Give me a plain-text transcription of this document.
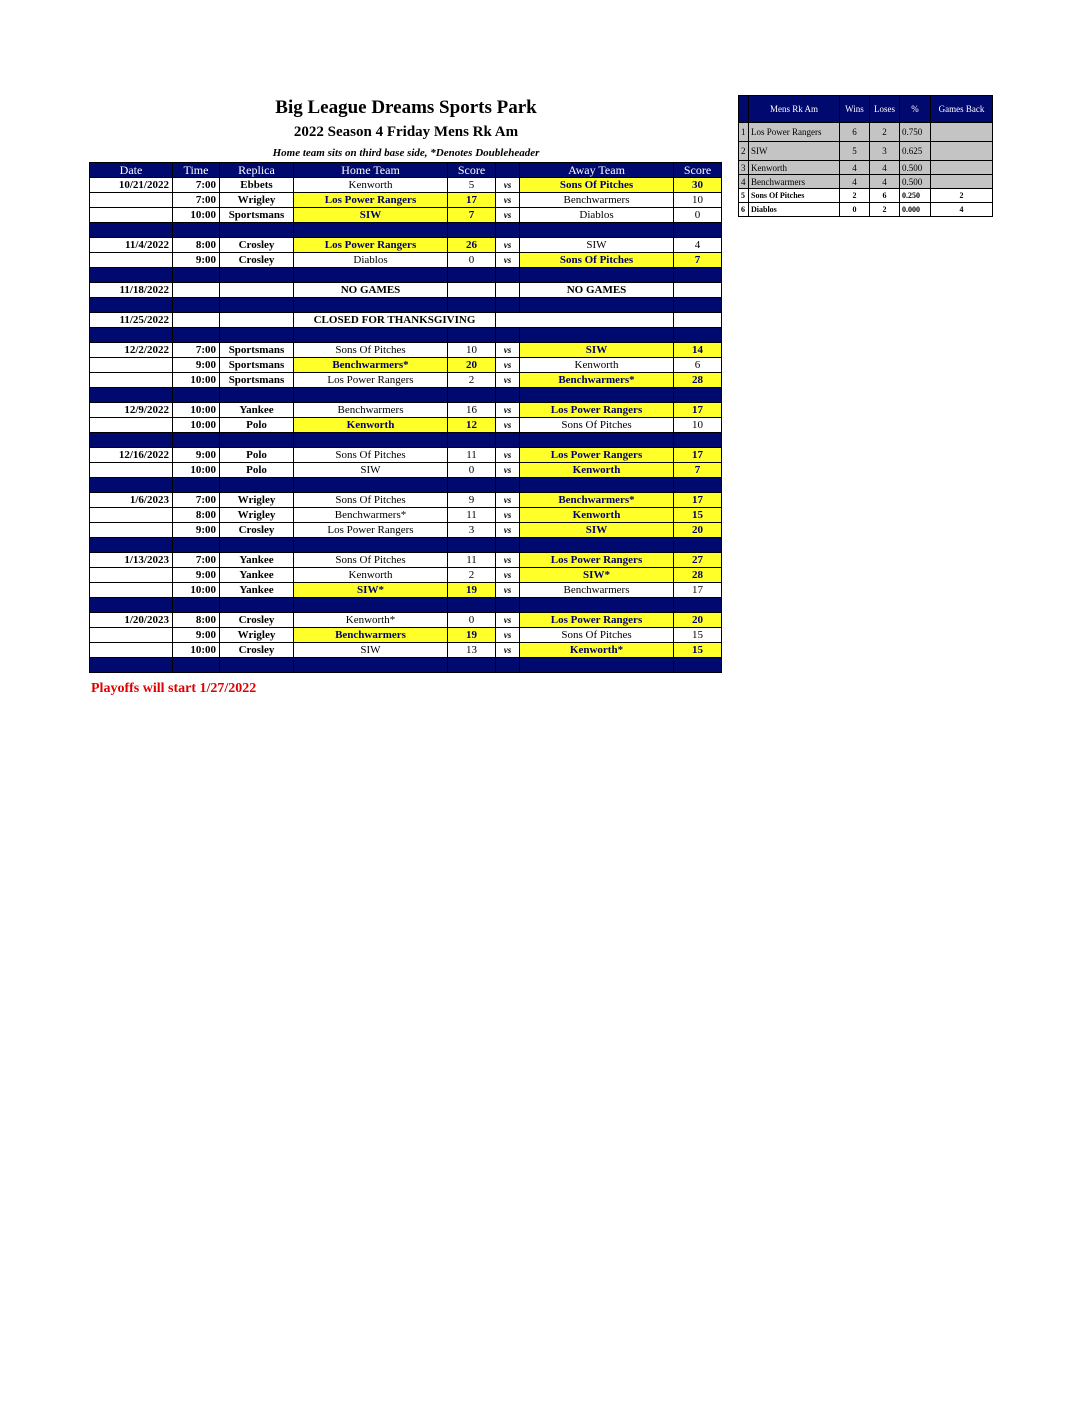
Big League Dreams Sports Park
2022 Season 4 Friday Mens Rk Am
Home team sits on third base side, *Denotes Doubleheader
Date	Time	Replica	Home Team	Score		Away Team	Score
10/21/2022	7:00	Ebbets	Kenworth	5	vs	Sons Of Pitches	30
	7:00	Wrigley	Los Power Rangers	17	vs	Benchwarmers	10
	10:00	Sportsmans	SIW	7	vs	Diablos	0

11/4/2022	8:00	Crosley	Los Power Rangers	26	vs	SIW	4
	9:00	Crosley	Diablos	0	vs	Sons Of Pitches	7

11/18/2022			NO GAMES			NO GAMES	

11/25/2022			CLOSED FOR THANKSGIVING				

12/2/2022	7:00	Sportsmans	Sons Of Pitches	10	vs	SIW	14
	9:00	Sportsmans	Benchwarmers*	20	vs	Kenworth	6
	10:00	Sportsmans	Los Power Rangers	2	vs	Benchwarmers*	28

12/9/2022	10:00	Yankee	Benchwarmers	16	vs	Los Power Rangers	17
	10:00	Polo	Kenworth	12	vs	Sons Of Pitches	10

12/16/2022	9:00	Polo	Sons Of Pitches	11	vs	Los Power Rangers	17
	10:00	Polo	SIW	0	vs	Kenworth	7

1/6/2023	7:00	Wrigley	Sons Of Pitches	9	vs	Benchwarmers*	17
	8:00	Wrigley	Benchwarmers*	11	vs	Kenworth	15
	9:00	Crosley	Los Power Rangers	3	vs	SIW	20

1/13/2023	7:00	Yankee	Sons Of Pitches	11	vs	Los Power Rangers	27
	9:00	Yankee	Kenworth	2	vs	SIW*	28
	10:00	Yankee	SIW*	19	vs	Benchwarmers	17

1/20/2023	8:00	Crosley	Kenworth*	0	vs	Los Power Rangers	20
	9:00	Wrigley	Benchwarmers	19	vs	Sons Of Pitches	15
	10:00	Crosley	SIW	13	vs	Kenworth*	15

Playoffs will start 1/27/2022
	Mens Rk Am	Wins	Loses	%	Games Back
1	Los Power Rangers	6	2	0.750	
2	SIW	5	3	0.625	
3	Kenworth	4	4	0.500	
4	Benchwarmers	4	4	0.500	
5	Sons Of Pitches	2	6	0.250	2
6	Diablos	0	2	0.000	4
